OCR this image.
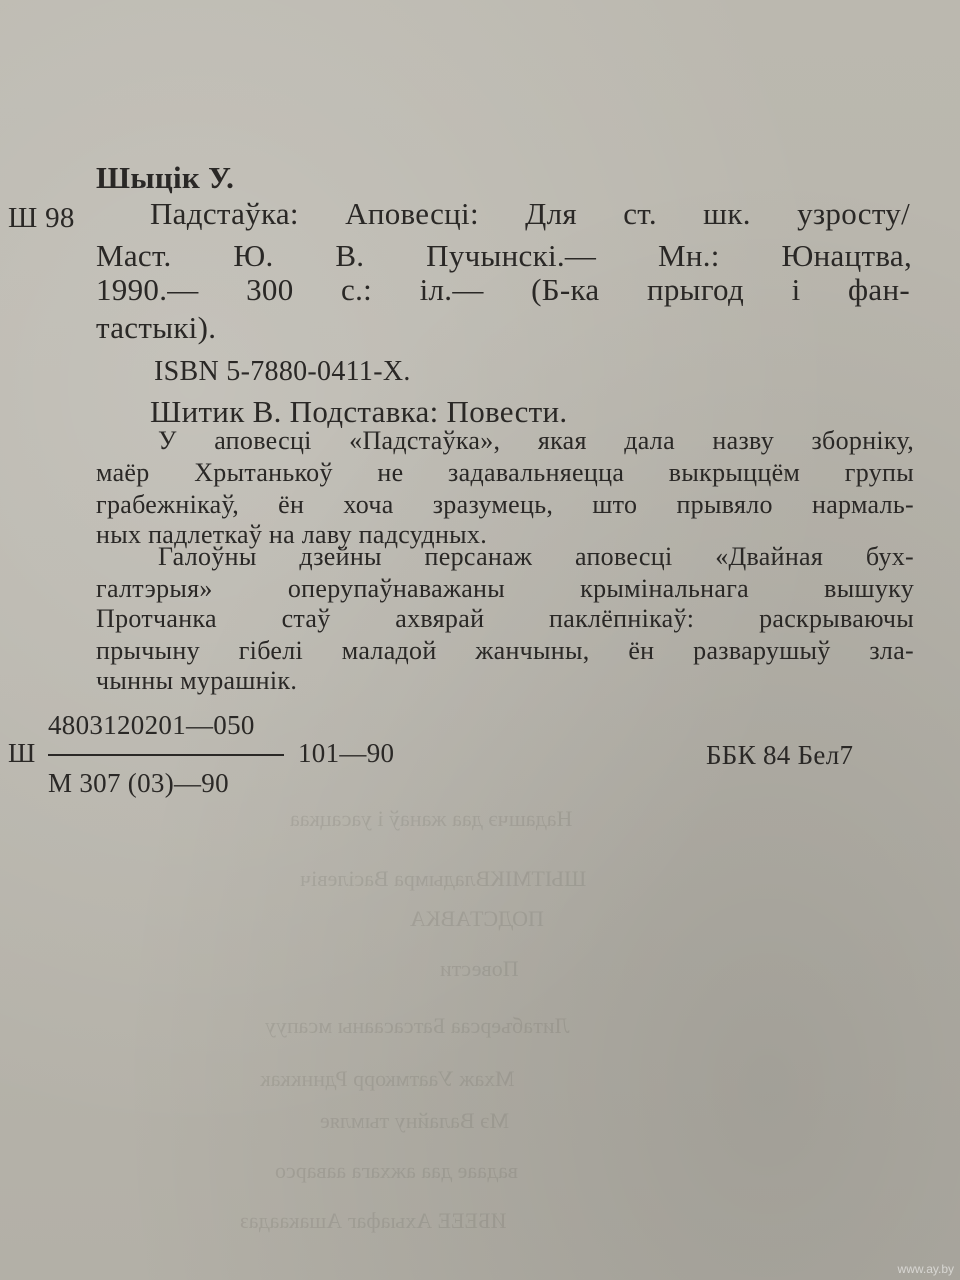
Надашчэ даа жанаў і уасацкаа
ШЫТМІКВладымра Васілевіч
ПОДСТАВКА
Повести
Литабъерсаа Батсасааны мсапуу
Мхаж Уаатмкорр Рдннккак
Мэ Валайну тымляе
вадаае даа ажхага ааварсо
ИБЕЕЕ Ахыафаг Ашакаадаз
Шыцік У.
Ш 98 Падстаўка: Аповесці: Для ст. шк. узросту/
Маст. Ю. В. Пучынскі.— Мн.: Юнацтва,
1990.— 300 с.: іл.— (Б-ка прыгод і фан-
тастыкі).
ISBN 5-7880-0411-X.
Шитик В. Подставка: Повести.
У аповесці «Падстаўка», якая дала назву зборніку,
маёр Хрытанькоў не задавальняецца выкрыццём групы
грабежнікаў, ён хоча зразумець, што прывяло нармаль-
ных падлеткаў на лаву падсудных.
Галоўны дзейны персанаж аповесці «Двайная бух-
галтэрыя» оперупаўнаважаны крымінальнага вышуку
Протчанка стаў ахвярай паклёпнікаў: раскрываючы
прычыну гібелі маладой жанчыны, ён разварушыў зла-
чынны мурашнік.
4803120201—050
Ш	101—90
М 307 (03)—90
ББК 84 Бел7
www.ay.by
